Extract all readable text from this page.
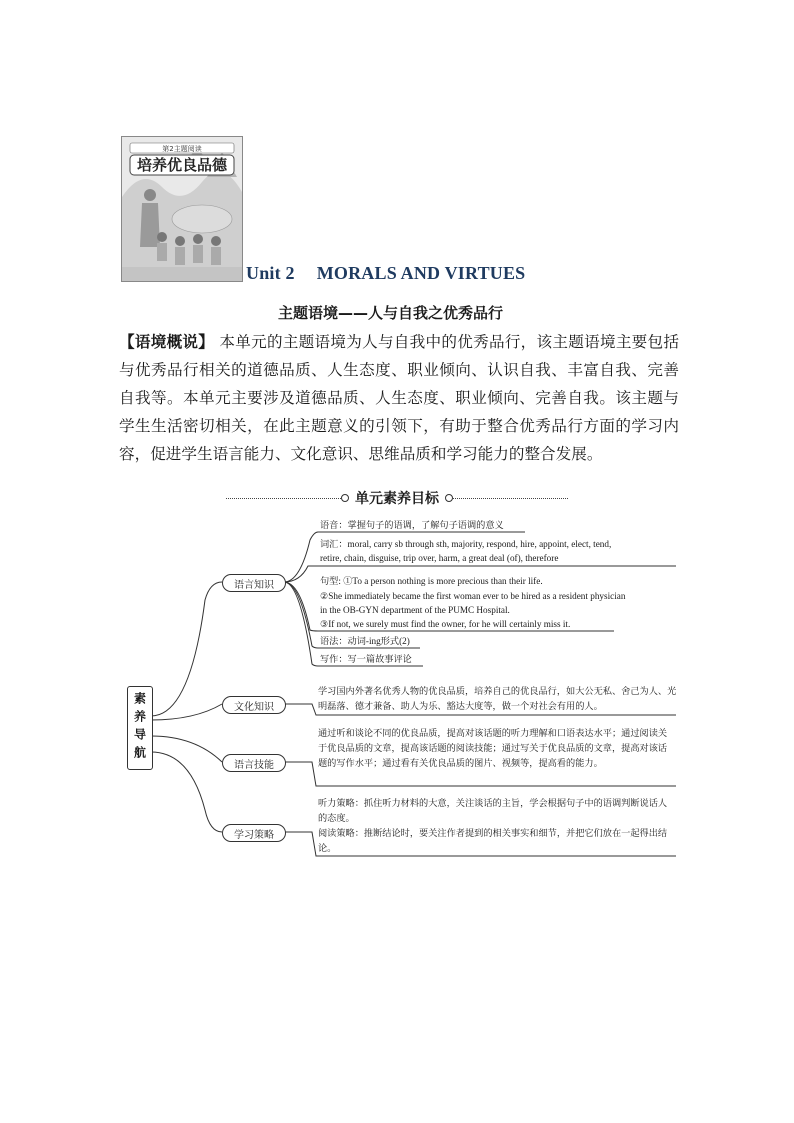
第2主题阅读
培养优良品德
Unit 2 MORALS AND VIRTUES
主题语境——人与自我之优秀品行
【语境概说】 本单元的主题语境为人与自我中的优秀品行，该主题语境主要包括与优秀品行相关的道德品质、人生态度、职业倾向、认识自我、丰富自我、完善自我等。本单元主要涉及道德品质、人生态度、职业倾向、完善自我。该主题与学生生活密切相关，在此主题意义的引领下，有助于整合优秀品行方面的学习内容，促进学生语言能力、文化意识、思维品质和学习能力的整合发展。
单元素养目标
素养导航
语言知识
文化知识
语言技能
学习策略
语音：掌握句子的语调，了解句子语调的意义
词汇：moral, carry sb through sth, majority, respond, hire, appoint, elect, tend,
retire, chain, disguise, trip over, harm, a great deal (of), therefore
句型: ①To a person nothing is more precious than their life.
②She immediately became the first woman ever to be hired as a resident physician
in the OB-GYN department of the PUMC Hospital.
③If not, we surely must find the owner, for he will certainly miss it.
语法：动词-ing形式(2)
写作：写一篇故事评论
学习国内外著名优秀人物的优良品质，培养自己的优良品行，如大公无私、舍己为人、光明磊落、德才兼备、助人为乐、豁达大度等，做一个对社会有用的人。
通过听和谈论不同的优良品质，提高对该话题的听力理解和口语表达水平；通过阅读关于优良品质的文章，提高该话题的阅读技能；通过写关于优良品质的文章，提高对该话题的写作水平；通过看有关优良品质的图片、视频等，提高看的能力。
听力策略：抓住听力材料的大意，关注谈话的主旨，学会根据句子中的语调判断说话人的态度。
阅读策略：推断结论时，要关注作者提到的相关事实和细节，并把它们放在一起得出结论。
